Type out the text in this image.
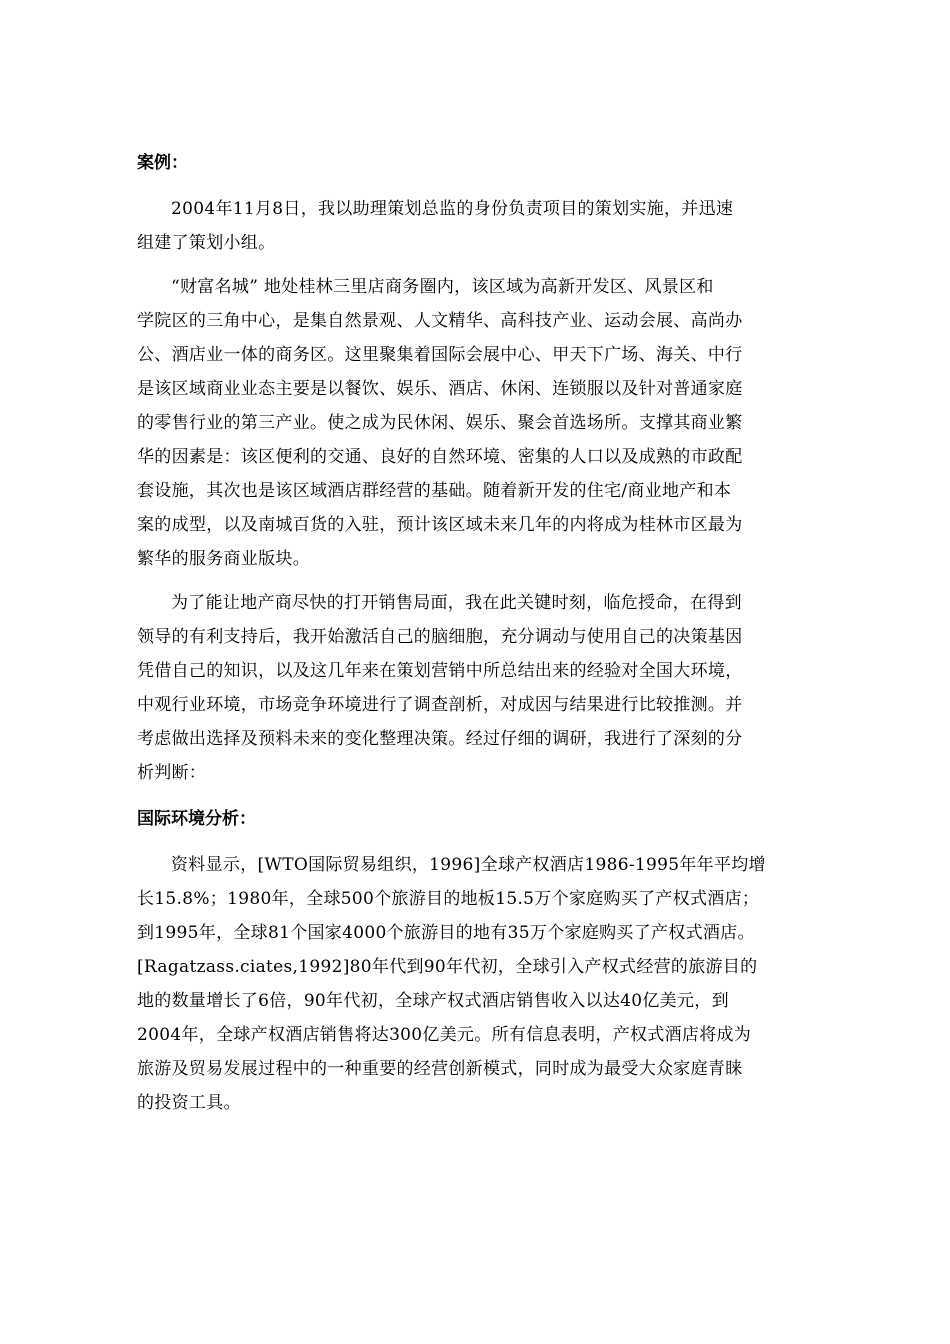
案例：
2004年11月8日，我以助理策划总监的身份负责项目的策划实施，并迅速
组建了策划小组。
“财富名城” 地处桂林三里店商务圈内，该区域为高新开发区、风景区和
学院区的三角中心，是集自然景观、人文精华、高科技产业、运动会展、高尚办
公、酒店业一体的商务区。这里聚集着国际会展中心、甲天下广场、海关、中行
是该区域商业业态主要是以餐饮、娱乐、酒店、休闲、连锁服以及针对普通家庭
的零售行业的第三产业。使之成为民休闲、娱乐、聚会首选场所。支撑其商业繁
华的因素是：该区便利的交通、良好的自然环境、密集的人口以及成熟的市政配
套设施，其次也是该区域酒店群经营的基础。随着新开发的住宅/商业地产和本
案的成型，以及南城百货的入驻，预计该区域未来几年的内将成为桂林市区最为
繁华的服务商业版块。
为了能让地产商尽快的打开销售局面，我在此关键时刻，临危授命，在得到
领导的有利支持后，我开始激活自己的脑细胞，充分调动与使用自己的决策基因
凭借自己的知识，以及这几年来在策划营销中所总结出来的经验对全国大环境，
中观行业环境，市场竞争环境进行了调查剖析，对成因与结果进行比较推测。并
考虑做出选择及预料未来的变化整理决策。经过仔细的调研，我进行了深刻的分
析判断：
国际环境分析：
资料显示，[WTO国际贸易组织，1996]全球产权酒店1986-1995年年平均增
长15.8%；1980年，全球500个旅游目的地板15.5万个家庭购买了产权式酒店；
到1995年，全球81个国家4000个旅游目的地有35万个家庭购买了产权式酒店。
[Ragatzass.ciates,1992]80年代到90年代初，全球引入产权式经营的旅游目的
地的数量增长了6倍，90年代初，全球产权式酒店销售收入以达40亿美元，到
2004年，全球产权酒店销售将达300亿美元。所有信息表明，产权式酒店将成为
旅游及贸易发展过程中的一种重要的经营创新模式，同时成为最受大众家庭青睐
的投资工具。
